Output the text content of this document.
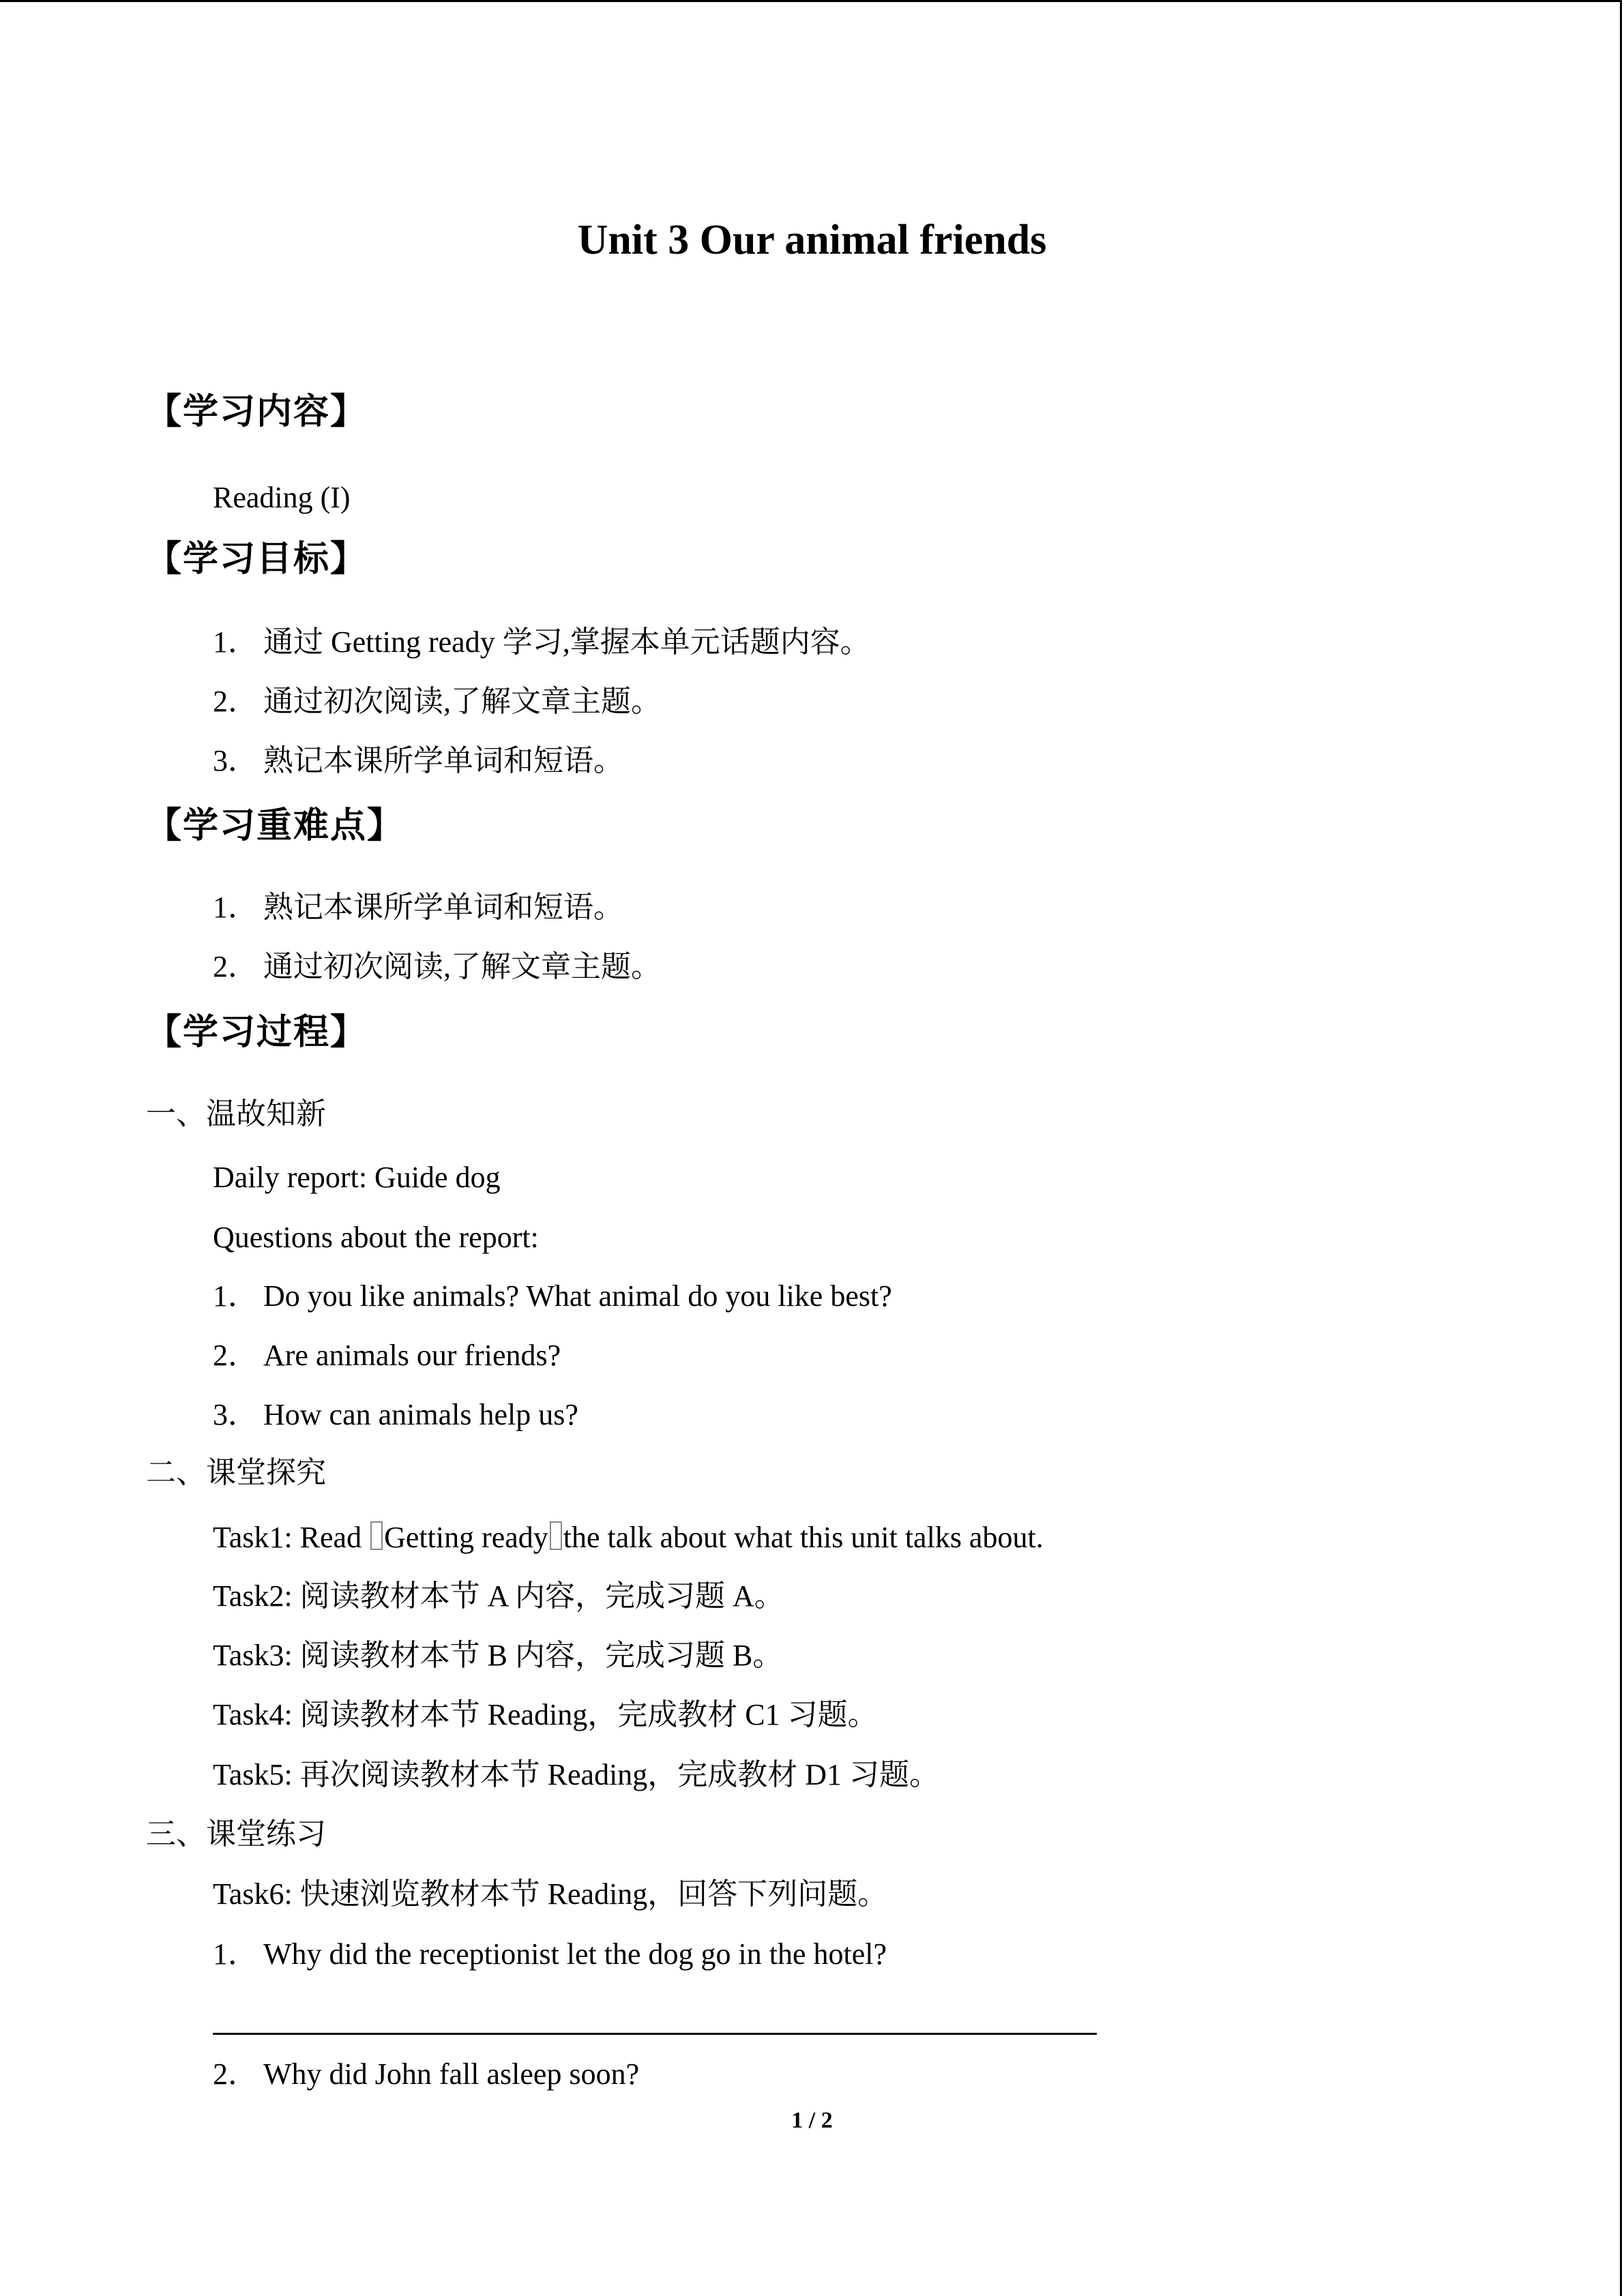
Unit 3 Our animal friends
【学习内容】
Reading (I)
【学习目标】
1． 通过 Getting ready 学习,掌握本单元话题内容。
2． 通过初次阅读,了解文章主题。
3． 熟记本课所学单词和短语。
【学习重难点】
1． 熟记本课所学单词和短语。
2． 通过初次阅读,了解文章主题。
【学习过程】
一、温故知新
Daily report: Guide dog
Questions about the report:
1． Do you like animals? What animal do you like best?
2． Are animals our friends?
3． How can animals help us?
二、课堂探究
Task1: Read Getting ready the talk about what this unit talks about.
Task2: 阅读教材本节 A 内容，完成习题 A。
Task3: 阅读教材本节 B 内容，完成习题 B。
Task4: 阅读教材本节 Reading，完成教材 C1 习题。
Task5: 再次阅读教材本节 Reading，完成教材 D1 习题。
三、课堂练习
Task6: 快速浏览教材本节 Reading，回答下列问题。
1． Why did the receptionist let the dog go in the hotel?
2． Why did John fall asleep soon?
1 / 2
